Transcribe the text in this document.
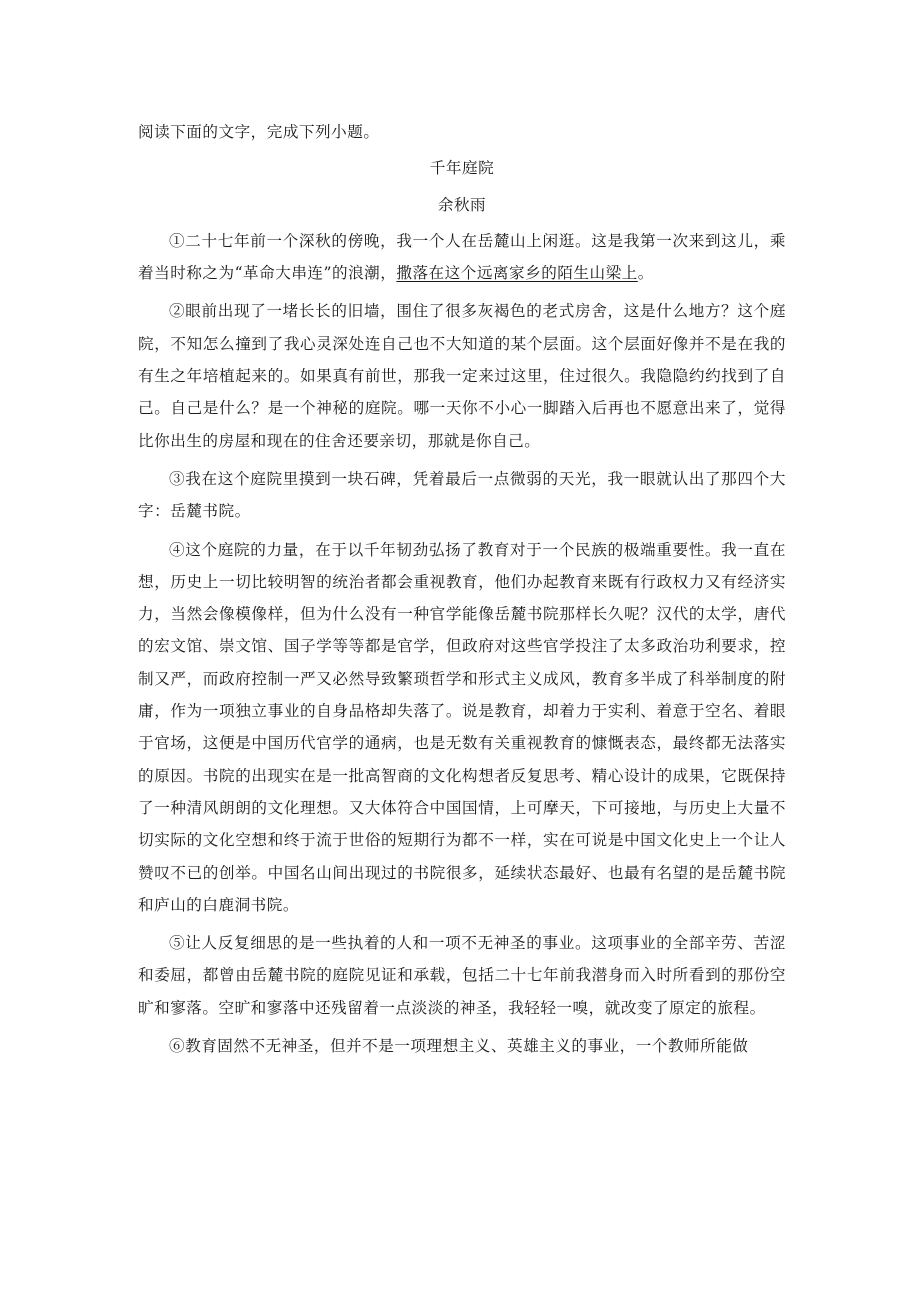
阅读下面的文字，完成下列小题。

千年庭院

余秋雨

①二十七年前一个深秋的傍晚，我一个人在岳麓山上闲逛。这是我第一次来到这儿，乘着当时称之为“革命大串连”的浪潮，撒落在这个远离家乡的陌生山梁上。

②眼前出现了一堵长长的旧墙，围住了很多灰褐色的老式房舍，这是什么地方？这个庭院，不知怎么撞到了我心灵深处连自己也不大知道的某个层面。这个层面好像并不是在我的有生之年培植起来的。如果真有前世，那我一定来过这里，住过很久。我隐隐约约找到了自己。自己是什么？是一个神秘的庭院。哪一天你不小心一脚踏入后再也不愿意出来了，觉得比你出生的房屋和现在的住舍还要亲切，那就是你自己。

③我在这个庭院里摸到一块石碑，凭着最后一点微弱的天光，我一眼就认出了那四个大字：岳麓书院。

④这个庭院的力量，在于以千年韧劲弘扬了教育对于一个民族的极端重要性。我一直在想，历史上一切比较明智的统治者都会重视教育，他们办起教育来既有行政权力又有经济实力，当然会像模像样，但为什么没有一种官学能像岳麓书院那样长久呢？汉代的太学，唐代的宏文馆、崇文馆、国子学等等都是官学，但政府对这些官学投注了太多政治功利要求，控制又严，而政府控制一严又必然导致繁琐哲学和形式主义成风，教育多半成了科举制度的附庸，作为一项独立事业的自身品格却失落了。说是教育，却着力于实利、着意于空名、着眼于官场，这便是中国历代官学的通病，也是无数有关重视教育的慷慨表态，最终都无法落实的原因。书院的出现实在是一批高智商的文化构想者反复思考、精心设计的成果，它既保持了一种清风朗朗的文化理想。又大体符合中国国情，上可摩天，下可接地，与历史上大量不切实际的文化空想和终于流于世俗的短期行为都不一样，实在可说是中国文化史上一个让人赞叹不已的创举。中国名山间出现过的书院很多，延续状态最好、也最有名望的是岳麓书院和庐山的白鹿洞书院。

⑤让人反复细思的是一些执着的人和一项不无神圣的事业。这项事业的全部辛劳、苦涩和委屈，都曾由岳麓书院的庭院见证和承载，包括二十七年前我潜身而入时所看到的那份空旷和寥落。空旷和寥落中还残留着一点淡淡的神圣，我轻轻一嗅，就改变了原定的旅程。

⑥教育固然不无神圣，但并不是一项理想主义、英雄主义的事业，一个教师所能做
